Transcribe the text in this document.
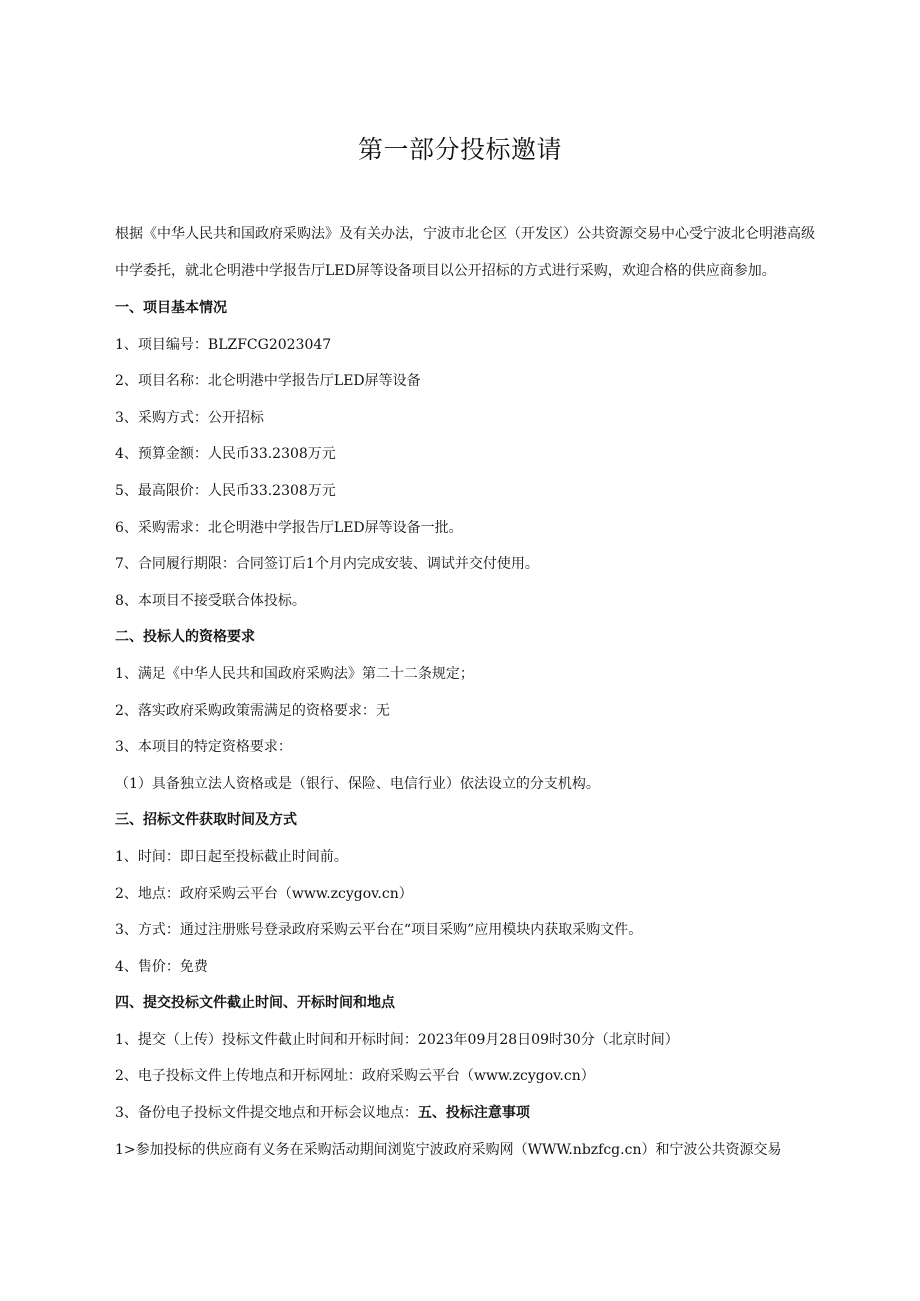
第一部分投标邀请

根据《中华人民共和国政府采购法》及有关办法，宁波市北仑区（开发区）公共资源交易中心受宁波北仑明港高级中学委托，就北仑明港中学报告厅LED屏等设备项目以公开招标的方式进行采购，欢迎合格的供应商参加。

一、项目基本情况
1、项目编号：BLZFCG2023047
2、项目名称：北仑明港中学报告厅LED屏等设备
3、采购方式：公开招标
4、预算金额：人民币33.2308万元
5、最高限价：人民币33.2308万元
6、采购需求：北仑明港中学报告厅LED屏等设备一批。
7、合同履行期限：合同签订后1个月内完成安装、调试并交付使用。
8、本项目不接受联合体投标。
二、投标人的资格要求
1、满足《中华人民共和国政府采购法》第二十二条规定；
2、落实政府采购政策需满足的资格要求：无
3、本项目的特定资格要求：
（1）具备独立法人资格或是（银行、保险、电信行业）依法设立的分支机构。
三、招标文件获取时间及方式
1、时间：即日起至投标截止时间前。
2、地点：政府采购云平台（www.zcygov.cn）
3、方式：通过注册账号登录政府采购云平台在“项目采购”应用模块内获取采购文件。
4、售价：免费
四、提交投标文件截止时间、开标时间和地点
1、提交（上传）投标文件截止时间和开标时间：2023年09月28日09时30分（北京时间）
2、电子投标文件上传地点和开标网址：政府采购云平台（www.zcygov.cn）
3、备份电子投标文件提交地点和开标会议地点：五、投标注意事项
1>参加投标的供应商有义务在采购活动期间浏览宁波政府采购网（WWW.nbzfcg.cn）和宁波公共资源交易
